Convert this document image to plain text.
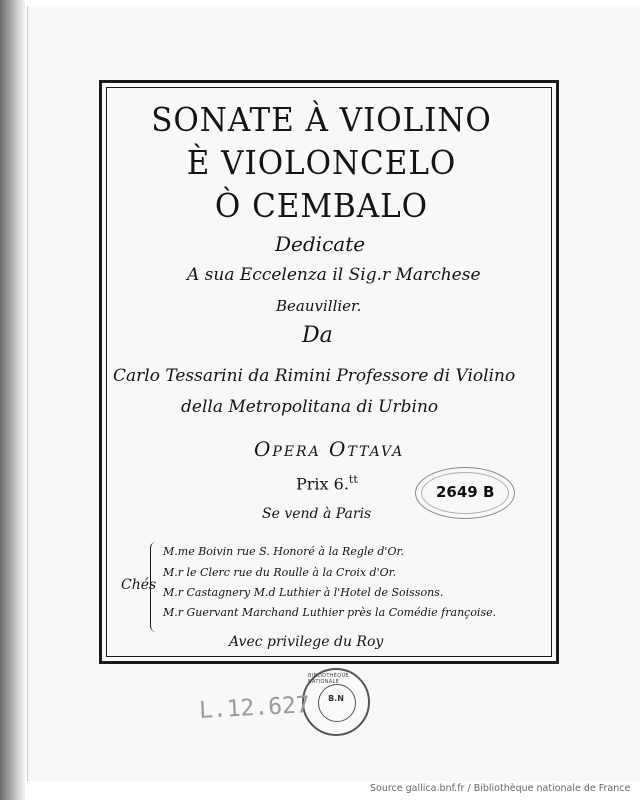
SONATE À VIOLINO
È VIOLONCELO
Ò CEMBALO
Dedicate
A sua Eccelenza il Sig.r Marchese
Beauvillier.
Da
Carlo Tessarini da Rimini Professore di Violino
della Metropolitana di Urbino
Opera Ottava
Prix 6.$^{tt}$
Se vend à Paris
Chés
M.me Boivin rue S. Honoré à la Regle d'Or.
M.r le Clerc rue du Roulle à la Croix d'Or.
M.r Castagnery M.d Luthier à l'Hotel de Soissons.
M.r Guervant Marchand Luthier près la Comédie françoise.
Avec privilege du Roy
2649 B
BIBLIOTHÈQUE NATIONALE
B.N
L.12.627
Source gallica.bnf.fr / Bibliothèque nationale de France
